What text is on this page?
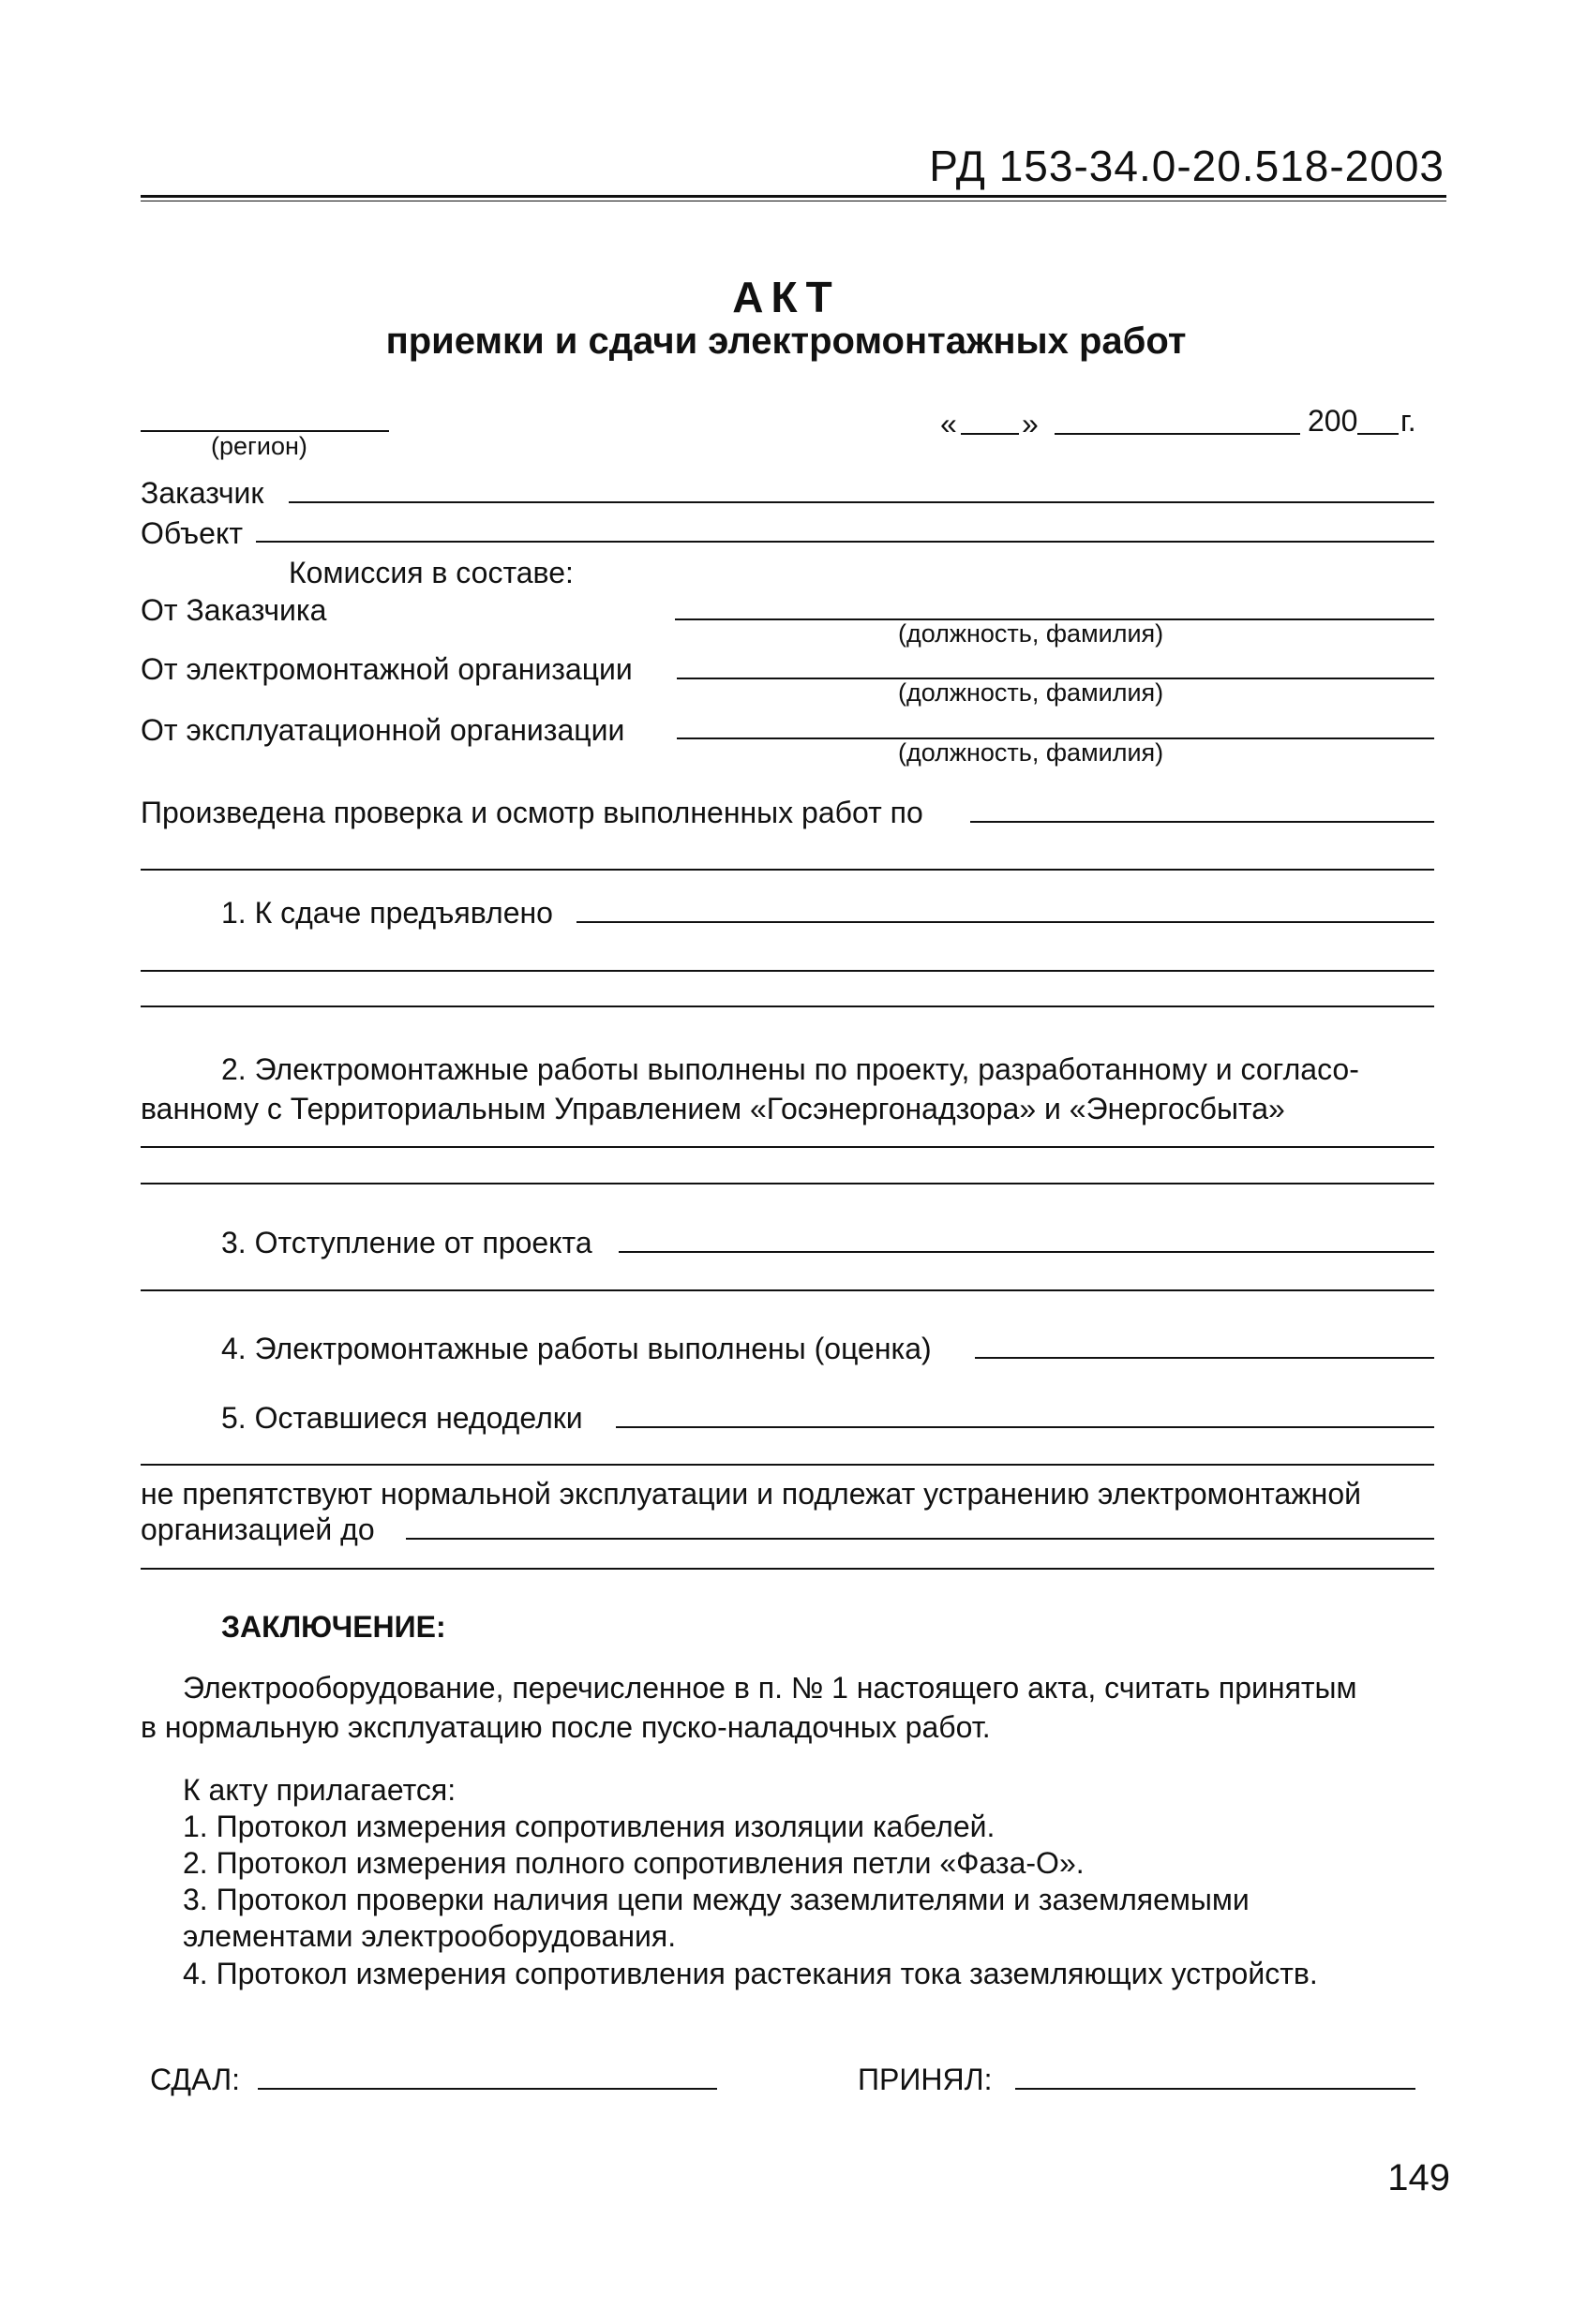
РД 153-34.0-20.518-2003
АКТ
приемки и сдачи электромонтажных работ
(регион)
« »	200 г.
Заказчик
Объект
Комиссия в составе:
От Заказчика
(должность, фамилия)
От электромонтажной организации
(должность, фамилия)
От эксплуатационной организации
(должность, фамилия)
Произведена проверка и осмотр выполненных работ по
1. К сдаче предъявлено
2. Электромонтажные работы выполнены по проекту, разработанному и согласо-
ванному с Территориальным Управлением «Госэнергонадзора» и «Энергосбыта»
3. Отступление от проекта
4. Электромонтажные работы выполнены (оценка)
5. Оставшиеся недоделки
не препятствуют нормальной эксплуатации и подлежат устранению электромонтажной
организацией до
ЗАКЛЮЧЕНИЕ:
Электрооборудование, перечисленное в п. № 1 настоящего акта, считать принятым
в нормальную эксплуатацию после пуско-наладочных работ.
К акту прилагается:
1. Протокол измерения сопротивления изоляции кабелей.
2. Протокол измерения полного сопротивления петли «Фаза-О».
3. Протокол проверки наличия цепи между заземлителями и заземляемыми
элементами электрооборудования.
4. Протокол измерения сопротивления растекания тока заземляющих устройств.
СДАЛ:	ПРИНЯЛ:
149
